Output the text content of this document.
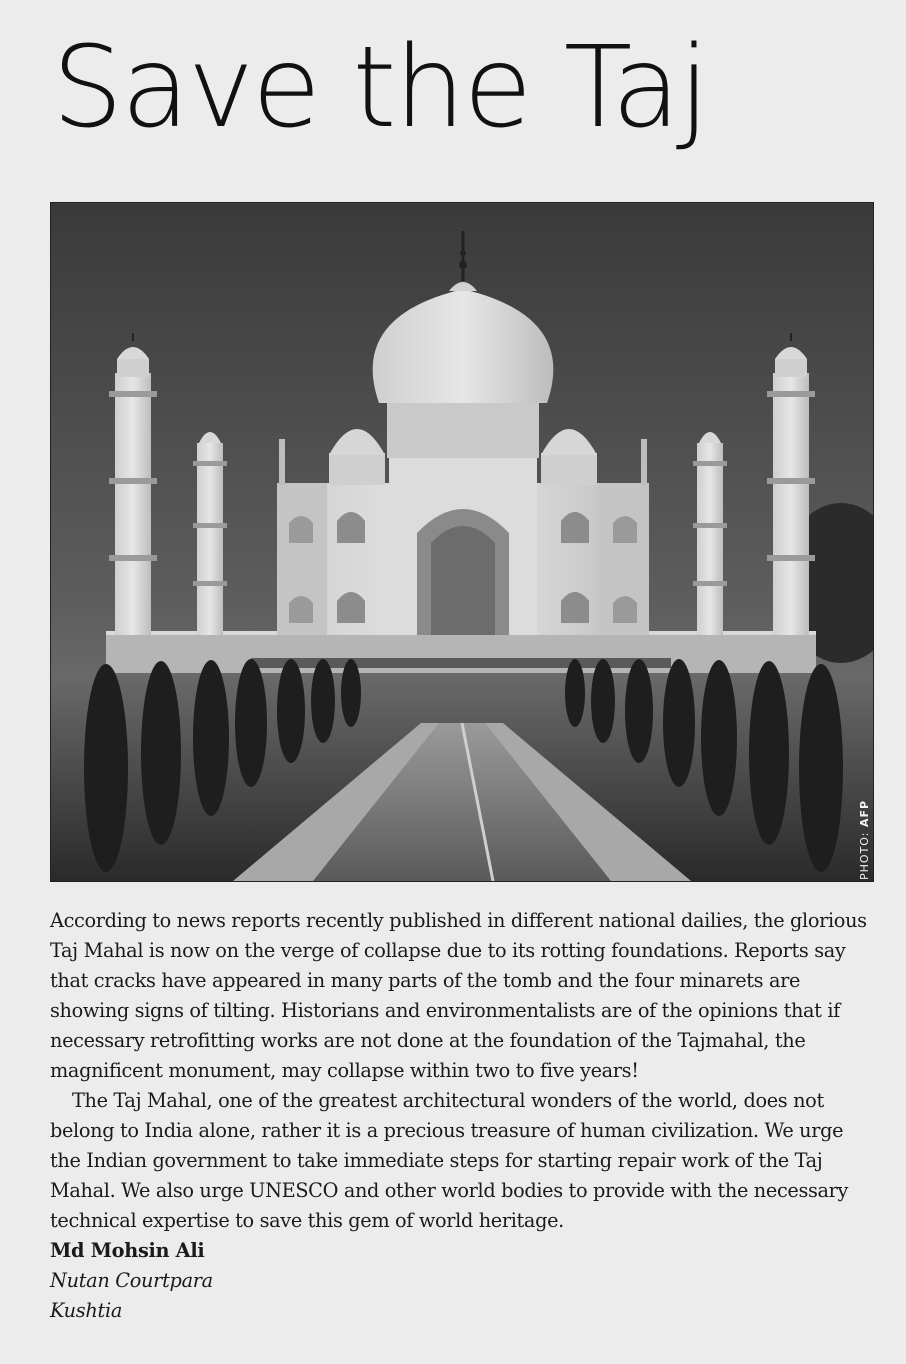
Save the Taj
PHOTO: AFP

According to news reports recently published in different national dailies, the glorious Taj Mahal is now on the verge of collapse due to its rotting foundations. Reports say that cracks have appeared in many parts of the tomb and the four minarets are showing signs of tilting. Historians and environmentalists are of the opinions that if necessary retrofitting works are not done at the foundation of the Tajmahal, the magnificent monument, may collapse within two to five years!

The Taj Mahal, one of the greatest architectural wonders of the world, does not belong to India alone, rather it is a precious treasure of human civilization. We urge the Indian government to take immediate steps for starting repair work of the Taj Mahal. We also urge UNESCO and other world bodies to provide with the necessary technical expertise to save this gem of world heritage.

Md Mohsin Ali

Nutan Courtpara

Kushtia
